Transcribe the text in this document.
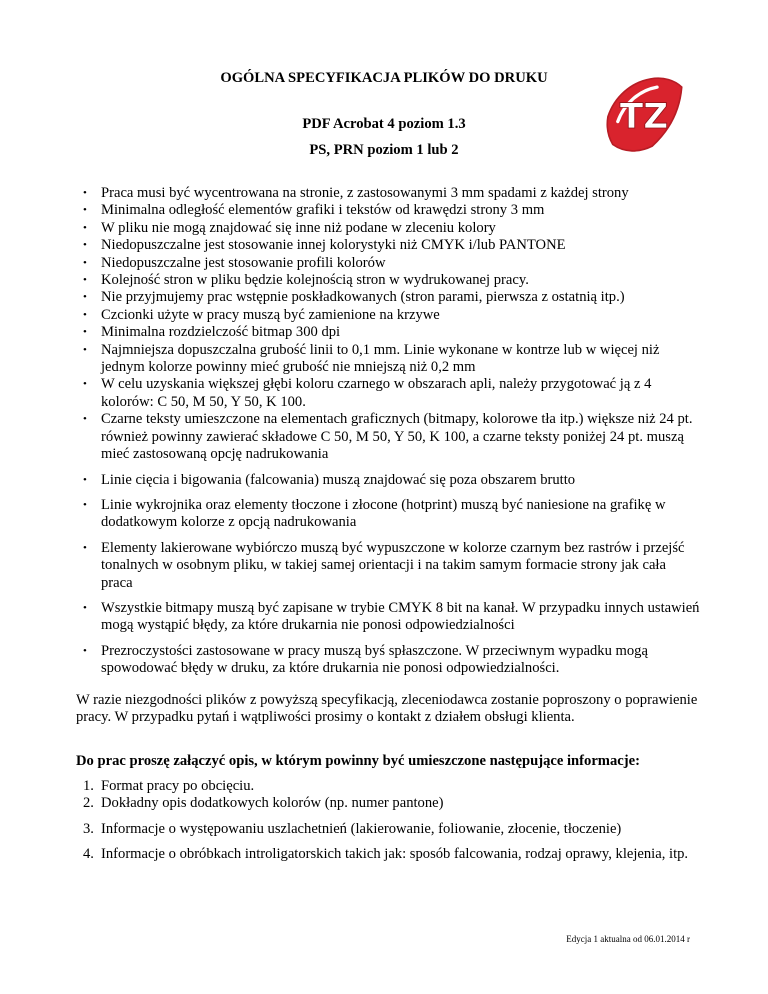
TZ
OGÓLNA SPECYFIKACJA PLIKÓW DO DRUKU
PDF Acrobat 4 poziom 1.3
PS, PRN poziom 1 lub 2
• Praca musi być wycentrowana na stronie, z zastosowanymi 3 mm spadami z każdej strony
• Minimalna odległość elementów grafiki i tekstów od krawędzi strony 3 mm
• W pliku nie mogą znajdować się inne niż podane w zleceniu kolory
• Niedopuszczalne jest stosowanie innej kolorystyki niż CMYK i/lub PANTONE
• Niedopuszczalne jest stosowanie profili kolorów
• Kolejność stron w pliku będzie kolejnością stron w wydrukowanej pracy.
• Nie przyjmujemy prac wstępnie poskładkowanych (stron parami, pierwsza z ostatnią itp.)
• Czcionki użyte w pracy muszą być zamienione na krzywe
• Minimalna rozdzielczość bitmap 300 dpi
• Najmniejsza dopuszczalna grubość linii to 0,1 mm. Linie wykonane w kontrze lub w więcej niż jednym kolorze powinny mieć grubość nie mniejszą niż 0,2 mm
• W celu uzyskania większej głębi koloru czarnego w obszarach apli, należy przygotować ją z 4 kolorów: C 50, M 50, Y 50, K 100.
• Czarne teksty umieszczone na elementach graficznych (bitmapy, kolorowe tła itp.) większe niż 24 pt. również powinny zawierać składowe C 50, M 50, Y 50, K 100, a czarne teksty poniżej 24 pt. muszą mieć zastosowaną opcję nadrukowania
• Linie cięcia i bigowania (falcowania) muszą znajdować się poza obszarem brutto
• Linie wykrojnika oraz elementy tłoczone i złocone (hotprint) muszą być naniesione na grafikę w dodatkowym kolorze z opcją nadrukowania
• Elementy lakierowane wybiórczo muszą być wypuszczone w kolorze czarnym bez rastrów i przejść tonalnych w osobnym pliku, w takiej samej orientacji i na takim samym formacie strony jak cała praca
• Wszystkie bitmapy muszą być zapisane w trybie CMYK 8 bit na kanał. W przypadku innych ustawień mogą wystąpić błędy, za które drukarnia nie ponosi odpowiedzialności
• Prezroczystości zastosowane w pracy muszą byś spłaszczone. W przeciwnym wypadku mogą spowodować błędy w druku, za które drukarnia nie ponosi odpowiedzialności.

W razie niezgodności plików z powyższą specyfikacją, zleceniodawca zostanie poproszony o poprawienie pracy. W przypadku pytań i wątpliwości prosimy o kontakt z działem obsługi klienta.

Do prac proszę załączyć opis, w którym powinny być umieszczone następujące informacje:

1. Format pracy po obcięciu.
2. Dokładny opis dodatkowych kolorów (np. numer pantone)
3. Informacje o występowaniu uszlachetnień (lakierowanie, foliowanie, złocenie, tłoczenie)
4. Informacje o obróbkach introligatorskich takich jak: sposób falcowania, rodzaj oprawy, klejenia, itp.
Edycja 1 aktualna od 06.01.2014 r
